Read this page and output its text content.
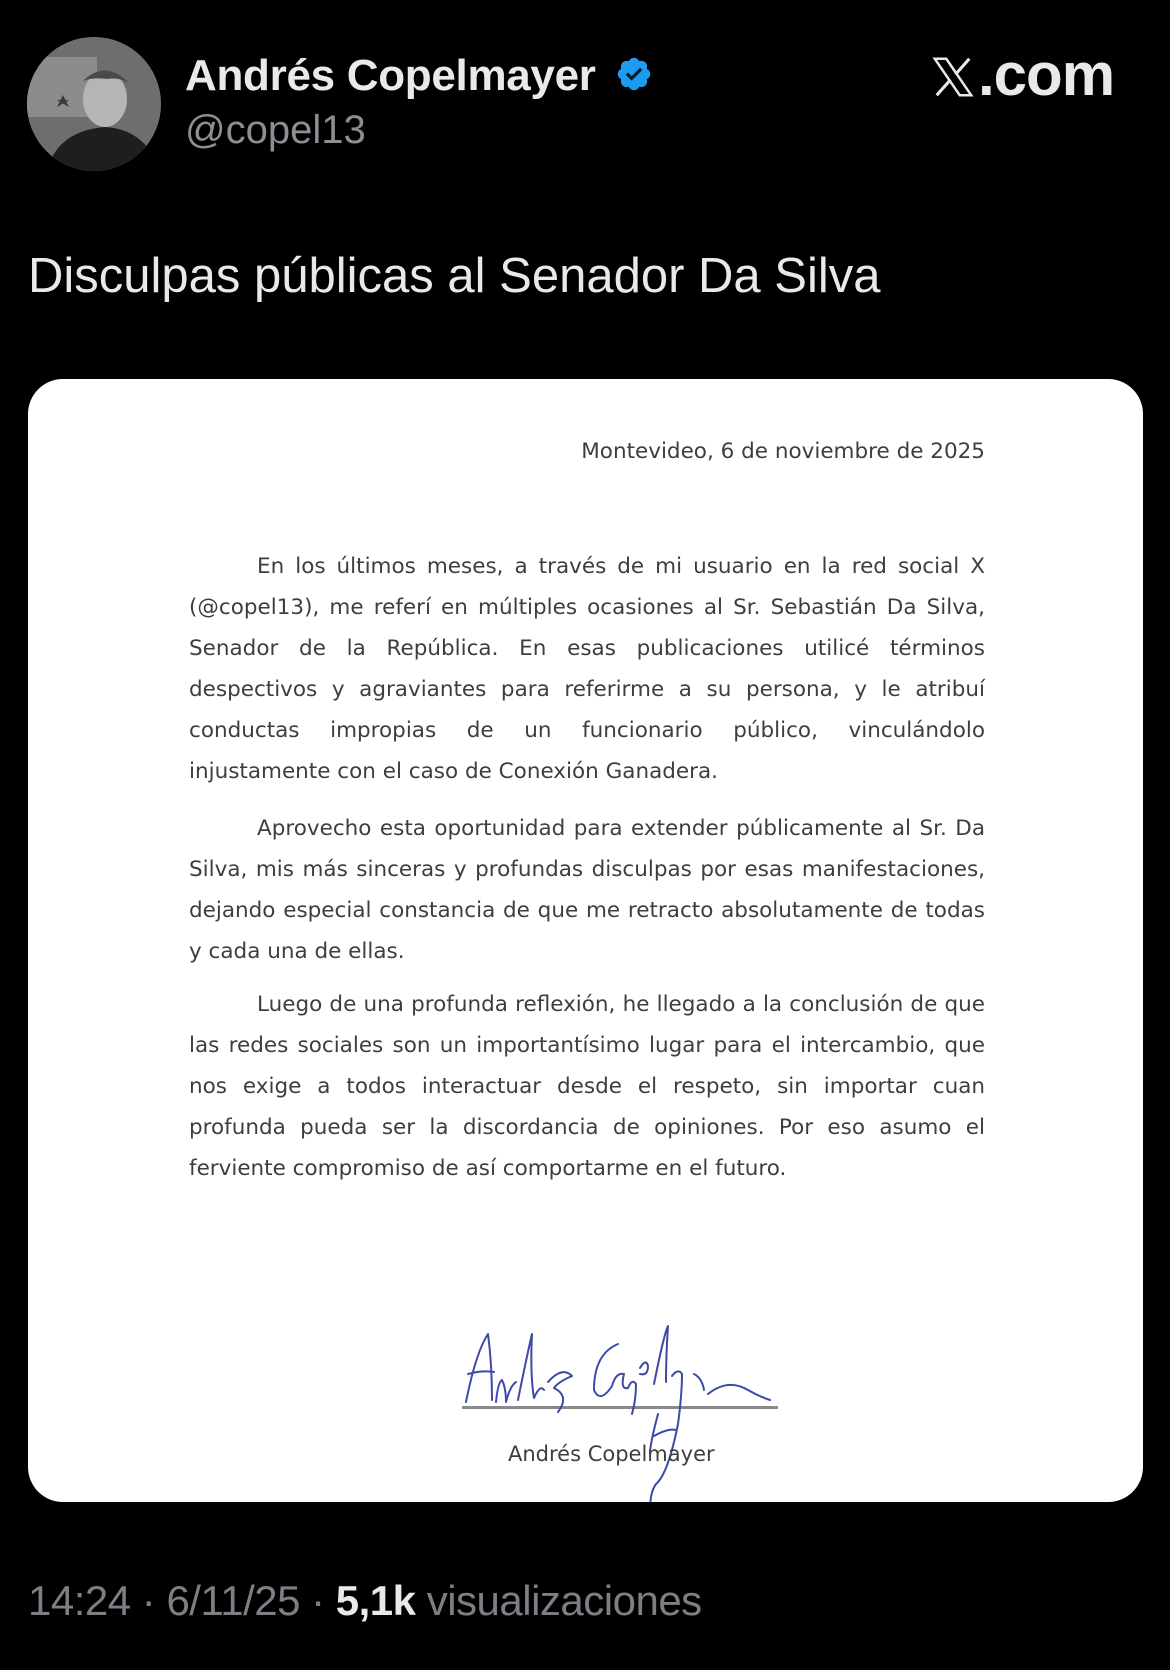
Andrés Copelmayer
@copel13
.com
Disculpas públicas al Senador Da Silva
Montevideo, 6 de noviembre de 2025

En los últimos meses, a través de mi usuario en la red social X (@copel13), me referí en múltiples ocasiones al Sr. Sebastián Da Silva, Senador de la República. En esas publicaciones utilicé términos despectivos y agraviantes para referirme a su persona, y le atribuí conductas impropias de un funcionario público, vinculándolo injustamente con el caso de Conexión Ganadera.

Aprovecho esta oportunidad para extender públicamente al Sr. Da Silva, mis más sinceras y profundas disculpas por esas manifestaciones, dejando especial constancia de que me retracto absolutamente de todas y cada una de ellas.

Luego de una profunda reflexión, he llegado a la conclusión de que las redes sociales son un importantísimo lugar para el intercambio, que nos exige a todos interactuar desde el respeto, sin importar cuan profunda pueda ser la discordancia de opiniones. Por eso asumo el ferviente compromiso de así comportarme en el futuro.

Andrés Copelmayer
14:24 · 6/11/25 · 5,1k visualizaciones
